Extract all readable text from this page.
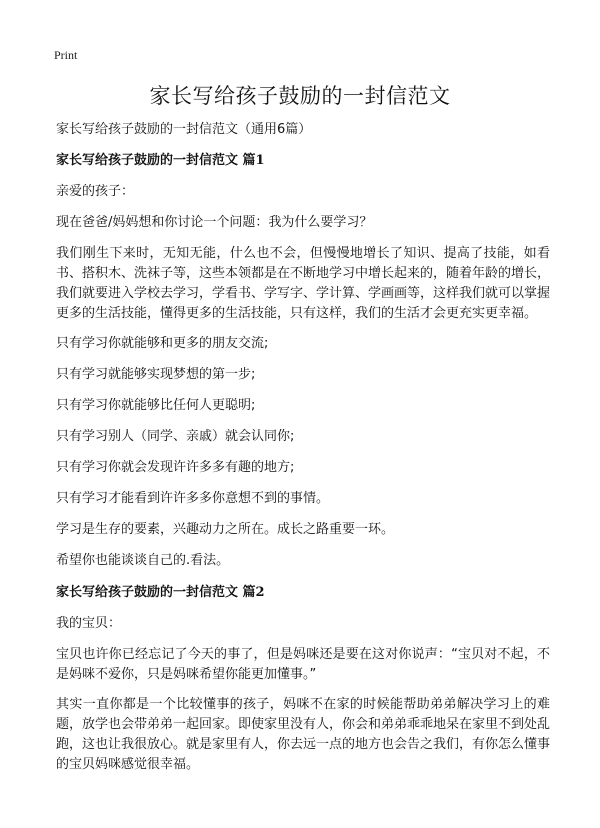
Print
家长写给孩子鼓励的一封信范文

家长写给孩子鼓励的一封信范文（通用6篇）

家长写给孩子鼓励的一封信范文 篇1

亲爱的孩子：

现在爸爸/妈妈想和你讨论一个问题：我为什么要学习？

我们刚生下来时，无知无能，什么也不会，但慢慢地增长了知识、提高了技能，如看书、搭积木、洗袜子等，这些本领都是在不断地学习中增长起来的，随着年龄的增长，我们就要进入学校去学习，学看书、学写字、学计算、学画画等，这样我们就可以掌握更多的生活技能，懂得更多的生活技能，只有这样，我们的生活才会更充实更幸福。

只有学习你就能够和更多的朋友交流;

只有学习就能够实现梦想的第一步;

只有学习你就能够比任何人更聪明;

只有学习别人（同学、亲戚）就会认同你;

只有学习你就会发现许许多多有趣的地方;

只有学习才能看到许许多多你意想不到的事情。

学习是生存的要素，兴趣动力之所在。成长之路重要一环。

希望你也能谈谈自己的.看法。

家长写给孩子鼓励的一封信范文 篇2

我的宝贝：

宝贝也许你已经忘记了今天的事了，但是妈咪还是要在这对你说声：“宝贝对不起，不是妈咪不爱你，只是妈咪希望你能更加懂事。”

其实一直你都是一个比较懂事的孩子，妈咪不在家的时候能帮助弟弟解决学习上的难题，放学也会带弟弟一起回家。即使家里没有人，你会和弟弟乖乖地呆在家里不到处乱跑，这也让我很放心。就是家里有人，你去远一点的地方也会告之我们，有你怎么懂事的宝贝妈咪感觉很幸福。
